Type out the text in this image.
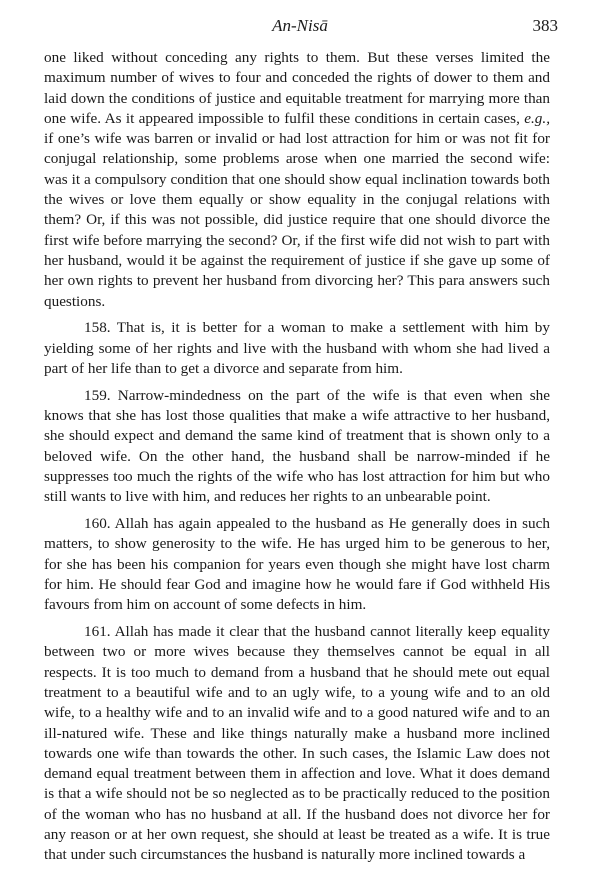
An-Nisā	383

one liked without conceding any rights to them. But these verses limited the maximum number of wives to four and conceded the rights of dower to them and laid down the conditions of justice and equitable treatment for marrying more than one wife. As it appeared impossible to fulfil these conditions in certain cases, e.g., if one’s wife was barren or invalid or had lost attraction for him or was not fit for conjugal relationship, some problems arose when one married the second wife: was it a compulsory condition that one should show equal inclination towards both the wives or love them equally or show equality in the conjugal relations with them? Or, if this was not possible, did justice require that one should divorce the first wife before marrying the second? Or, if the first wife did not wish to part with her husband, would it be against the requirement of justice if she gave up some of her own rights to prevent her husband from divorcing her? This para answers such questions.

158. That is, it is better for a woman to make a settlement with him by yielding some of her rights and live with the husband with whom she had lived a part of her life than to get a divorce and separate from him.

159. Narrow-mindedness on the part of the wife is that even when she knows that she has lost those qualities that make a wife attractive to her husband, she should expect and demand the same kind of treatment that is shown only to a beloved wife. On the other hand, the husband shall be narrow-minded if he suppresses too much the rights of the wife who has lost attraction for him but who still wants to live with him, and reduces her rights to an unbearable point.

160. Allah has again appealed to the husband as He generally does in such matters, to show generosity to the wife. He has urged him to be generous to her, for she has been his companion for years even though she might have lost charm for him. He should fear God and imagine how he would fare if God withheld His favours from him on account of some defects in him.

161. Allah has made it clear that the husband cannot literally keep equality between two or more wives because they themselves cannot be equal in all respects. It is too much to demand from a husband that he should mete out equal treatment to a beautiful wife and to an ugly wife, to a young wife and to an old wife, to a healthy wife and to an invalid wife and to a good natured wife and to an ill-natured wife. These and like things naturally make a husband more inclined towards one wife than towards the other. In such cases, the Islamic Law does not demand equal treatment between them in affection and love. What it does demand is that a wife should not be so neglected as to be practically reduced to the position of the woman who has no husband at all. If the husband does not divorce her for any reason or at her own request, she should at least be treated as a wife. It is true that under such circumstances the husband is naturally more inclined towards a
